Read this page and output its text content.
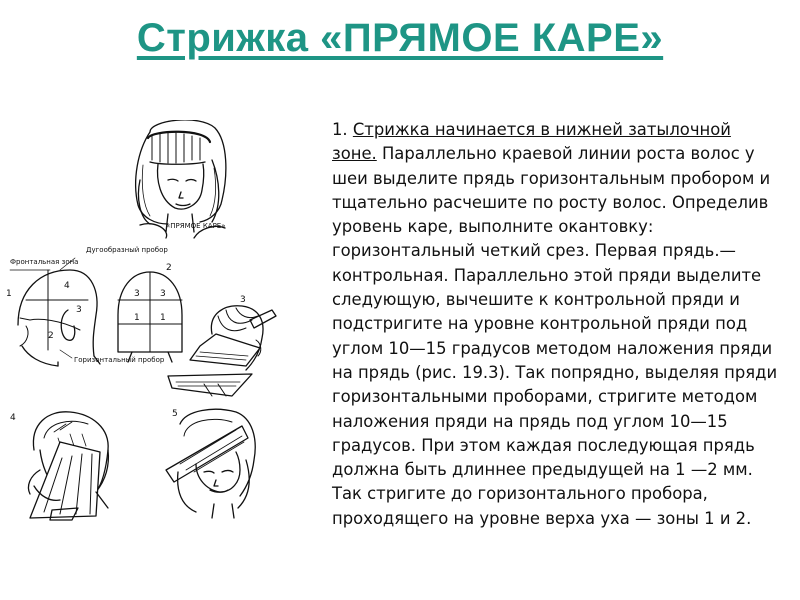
Стрижка «ПРЯМОЕ КАРЕ»
1. Стрижка начинается в нижней затылочной зоне. Параллельно краевой линии роста волос у шеи выделите прядь горизонтальным пробором и тщательно расчешите по росту волос. Определив уровень каре, выполните окантовку: горизонтальный четкий срез. Первая прядь.— контрольная. Параллельно этой пряди выделите следующую, вычешите к контрольной пряди и подстригите на уровне контрольной пряди под углом 10—15 градусов методом наложения пряди на прядь (рис. 19.3). Так попрядно, выделяя пряди горизонтальными проборами, стригите методом наложения пряди на прядь под углом 10—15 градусов. При этом каждая последующая прядь должна быть длиннее предыдущей на 1 —2 мм. Так стригите до горизонтального пробора, проходящего на уровне верха уха — зоны 1 и 2.
«ПРЯМОЕ КАРЕ»
Фронтальная зона
Дугообразный пробор
Горизонтальный пробор
1
2
3
4	5
4
3
3 3
2
1 1
